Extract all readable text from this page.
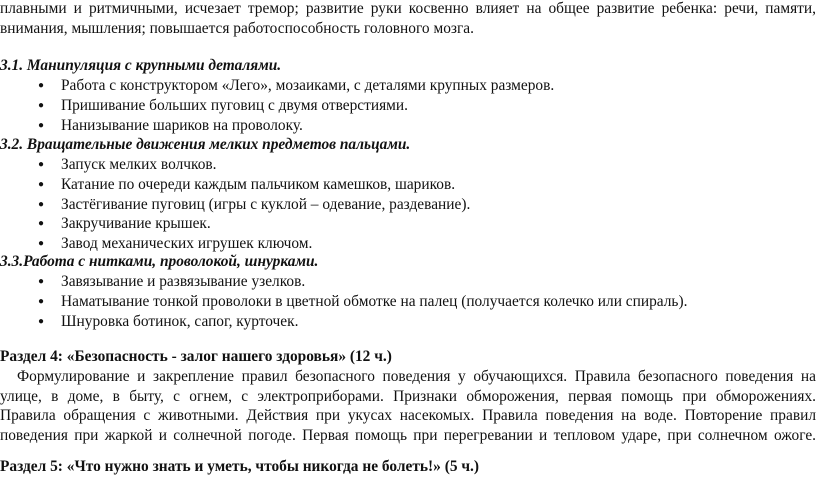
плавными и ритмичными, исчезает тремор; развитие руки косвенно влияет на общее развитие ребенка: речи, памяти,
внимания, мышления; повышается работоспособность головного мозга.
3.1. Манипуляция с крупными деталями.
● Работа с конструктором «Лего», мозаиками, с деталями крупных размеров.
● Пришивание больших пуговиц с двумя отверстиями.
● Нанизывание шариков на проволоку.
3.2. Вращательные движения мелких предметов пальцами.
● Запуск мелких волчков.
● Катание по очереди каждым пальчиком камешков, шариков.
● Застёгивание пуговиц (игры с куклой – одевание, раздевание).
● Закручивание крышек.
● Завод механических игрушек ключом.
3.3.Работа с нитками, проволокой, шнурками.
● Завязывание и развязывание узелков.
● Наматывание тонкой проволоки в цветной обмотке на палец (получается колечко или спираль).
● Шнуровка ботинок, сапог, курточек.
Раздел 4: «Безопасность - залог нашего здоровья» (12 ч.)
Формулирование и закрепление правил безопасного поведения у обучающихся. Правила безопасного поведения на
улице, в доме, в быту, с огнем, с электроприборами. Признаки обморожения, первая помощь при обморожениях.
Правила обращения с животными. Действия при укусах насекомых. Правила поведения на воде. Повторение правил
поведения при жаркой и солнечной погоде. Первая помощь при перегревании и тепловом ударе, при солнечном ожоге.
Раздел 5: «Что нужно знать и уметь, чтобы никогда не болеть!» (5 ч.)
